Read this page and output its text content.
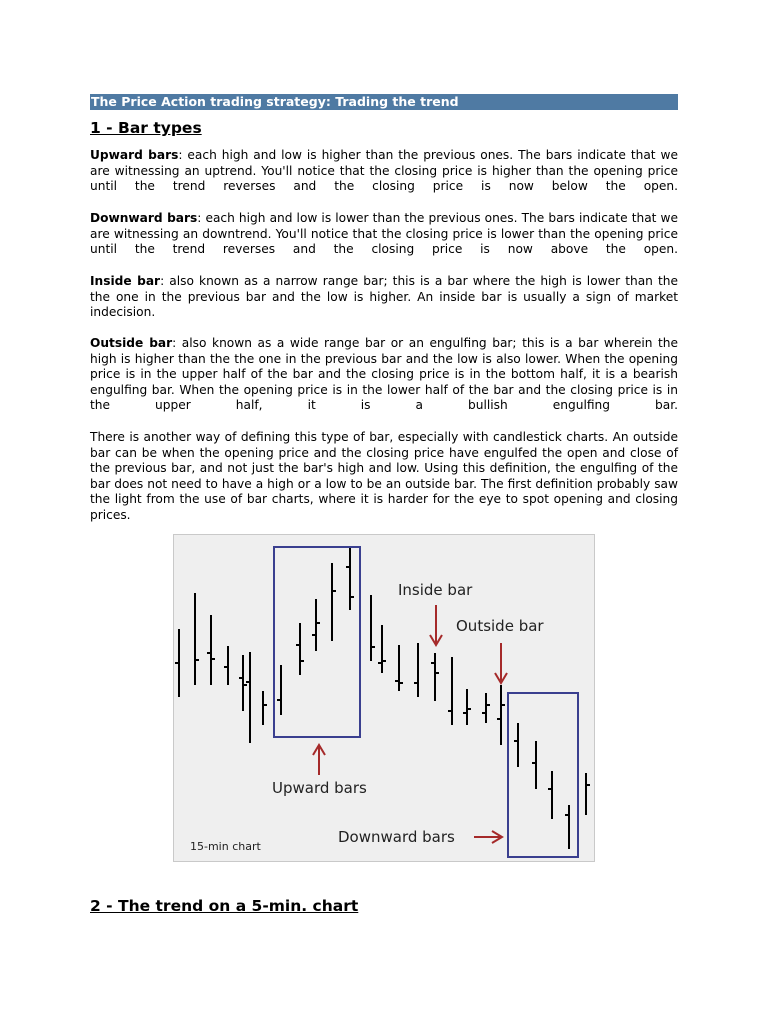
The Price Action trading strategy: Trading the trend
1 - Bar types
Upward bars: each high and low is higher than the previous ones. The bars indicate that we are witnessing an uptrend. You'll notice that the closing price is higher than the opening price until the trend reverses and the closing price is now below the open.
Downward bars: each high and low is lower than the previous ones. The bars indicate that we are witnessing an downtrend. You'll notice that the closing price is lower than the opening price until the trend reverses and the closing price is now above the open.
Inside bar: also known as a narrow range bar; this is a bar where the high is lower than the the one in the previous bar and the low is higher. An inside bar is usually a sign of market indecision.
Outside bar: also known as a wide range bar or an engulfing bar; this is a bar wherein the high is higher than the the one in the previous bar and the low is also lower. When the opening price is in the upper half of the bar and the closing price is in the bottom half, it is a bearish engulfing bar. When the opening price is in the lower half of the bar and the closing price is in the upper half, it is a bullish engulfing bar.
There is another way of defining this type of bar, especially with candlestick charts. An outside bar can be when the opening price and the closing price have engulfed the open and close of the previous bar, and not just the bar's high and low. Using this definition, the engulfing of the bar does not need to have a high or a low to be an outside bar. The first definition probably saw the light from the use of bar charts, where it is harder for the eye to spot opening and closing prices.
Inside bar
Outside bar
Upward bars
Downward bars
15-min chart
2 - The trend on a 5-min. chart
